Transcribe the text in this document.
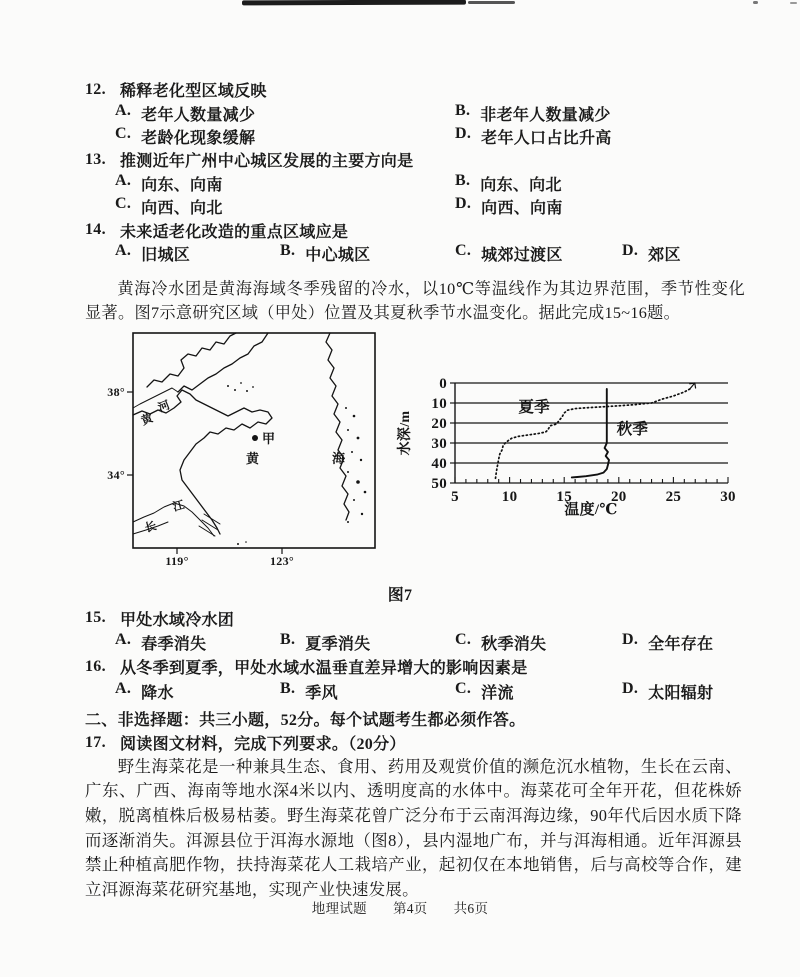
12. 稀释老化型区域反映
A. 老年人数量减少	B. 非老年人数量减少
C. 老龄化现象缓解	D. 老年人口占比升高
13. 推测近年广州中心城区发展的主要方向是
A. 向东、向南	B. 向东、向北
C. 向西、向北	D. 向西、向南
14. 未来适老化改造的重点区域应是
A. 旧城区	B. 中心城区	C. 城郊过渡区	D. 郊区
黄海冷水团是黄海海域冬季残留的冷水，以10℃等温线作为其边界范围，季节性变化显著。图7示意研究区域（甲处）位置及其夏秋季节水温变化。据此完成15~16题。
黄
河
长
江
黄	海
甲
38°
34°
119°	123°
水深/m
温度/℃
0
10
20
30
40
50
5	10	15	20	25	30
夏季
秋季
图7
15. 甲处水域冷水团
A. 春季消失	B. 夏季消失	C. 秋季消失	D. 全年存在
16. 从冬季到夏季，甲处水域水温垂直差异增大的影响因素是
A. 降水	B. 季风	C. 洋流	D. 太阳辐射
二、非选择题：共三小题，52分。每个试题考生都必须作答。
17. 阅读图文材料，完成下列要求。（20分）
野生海菜花是一种兼具生态、食用、药用及观赏价值的濒危沉水植物，生长在云南、广东、广西、海南等地水深4米以内、透明度高的水体中。海菜花可全年开花，但花株娇嫩，脱离植株后极易枯萎。野生海菜花曾广泛分布于云南洱海边缘，90年代后因水质下降而逐渐消失。洱源县位于洱海水源地（图8），县内湿地广布，并与洱海相通。近年洱源县禁止种植高肥作物，扶持海菜花人工栽培产业，起初仅在本地销售，后与高校等合作，建立洱源海菜花研究基地，实现产业快速发展。
地理试题 第4页 共6页
